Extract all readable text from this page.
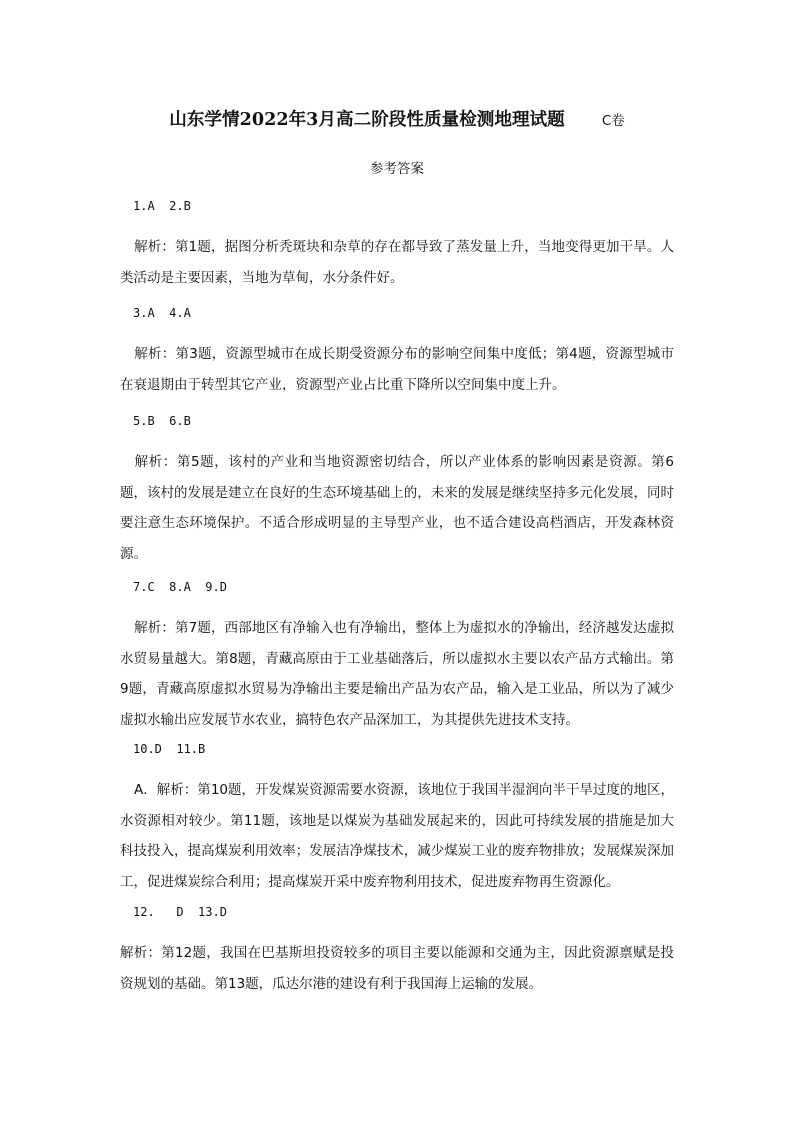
山东学情2022年3月高二阶段性质量检测地理试题	C卷
参考答案
1.A  2.B
解析：第1题，据图分析秃斑块和杂草的存在都导致了蒸发量上升，当地变得更加干旱。人类活动是主要因素，当地为草甸，水分条件好。
3.A  4.A
解析：第3题，资源型城市在成长期受资源分布的影响空间集中度低；第4题，资源型城市在衰退期由于转型其它产业，资源型产业占比重下降所以空间集中度上升。
5.B  6.B
解析：第5题，该村的产业和当地资源密切结合，所以产业体系的影响因素是资源。第6题，该村的发展是建立在良好的生态环境基础上的，未来的发展是继续坚持多元化发展，同时要注意生态环境保护。不适合形成明显的主导型产业，也不适合建设高档酒店，开发森林资源。
7.C  8.A  9.D
解析：第7题，西部地区有净输入也有净输出，整体上为虚拟水的净输出，经济越发达虚拟水贸易量越大。第8题，青藏高原由于工业基础落后，所以虚拟水主要以农产品方式输出。第9题，青藏高原虚拟水贸易为净输出主要是输出产品为农产品，输入是工业品，所以为了减少虚拟水输出应发展节水农业，搞特色农产品深加工，为其提供先进技术支持。
10.D  11.B
A．解析：第10题，开发煤炭资源需要水资源，该地位于我国半湿润向半干旱过度的地区，水资源相对较少。第11题，该地是以煤炭为基础发展起来的，因此可持续发展的措施是加大科技投入，提高煤炭利用效率；发展洁净煤技术，减少煤炭工业的废弃物排放；发展煤炭深加工，促进煤炭综合利用；提高煤炭开采中废弃物利用技术，促进废弃物再生资源化。
12.   D  13.D
解析：第12题，我国在巴基斯坦投资较多的项目主要以能源和交通为主，因此资源禀赋是投资规划的基础。第13题，瓜达尔港的建设有利于我国海上运输的发展。
